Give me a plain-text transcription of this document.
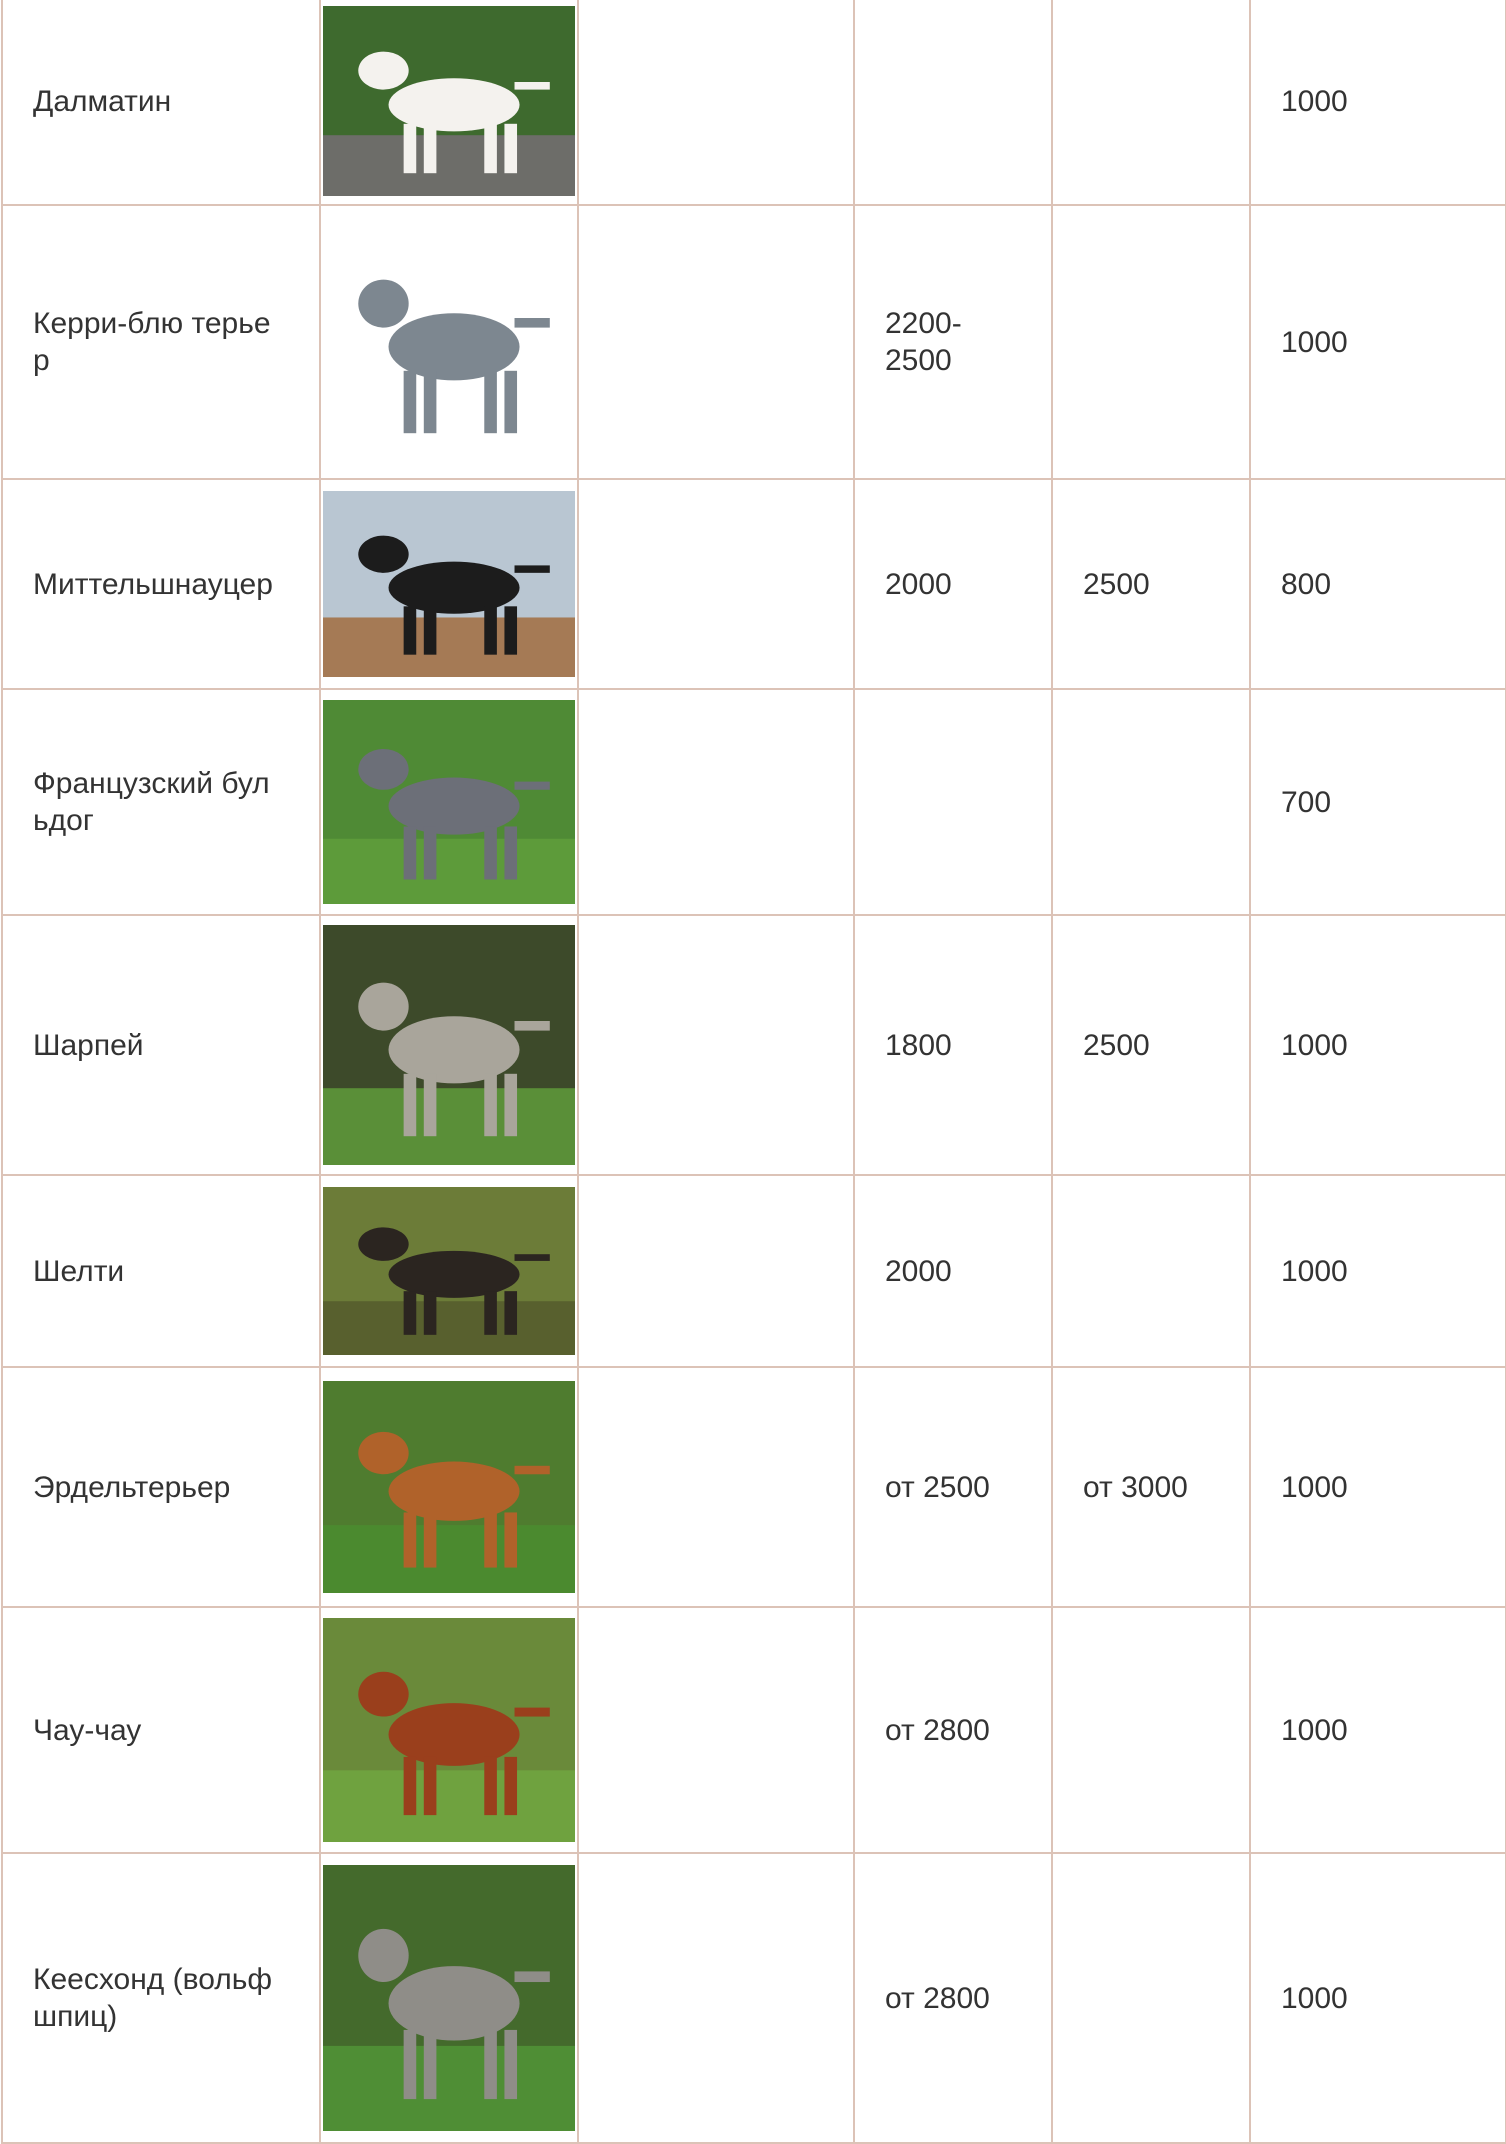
Далматин					1000

Керри-блю терьер			2200-2500		1000

Миттельшнауцер			2000	2500	800

Французский бульдог					700

Шарпей			1800	2500	1000

Шелти			2000		1000

Эрдельтерьер			от 2500	от 3000	1000

Чау-чау			от 2800		1000

Кеесхонд (вольфшпиц)			от 2800		1000
